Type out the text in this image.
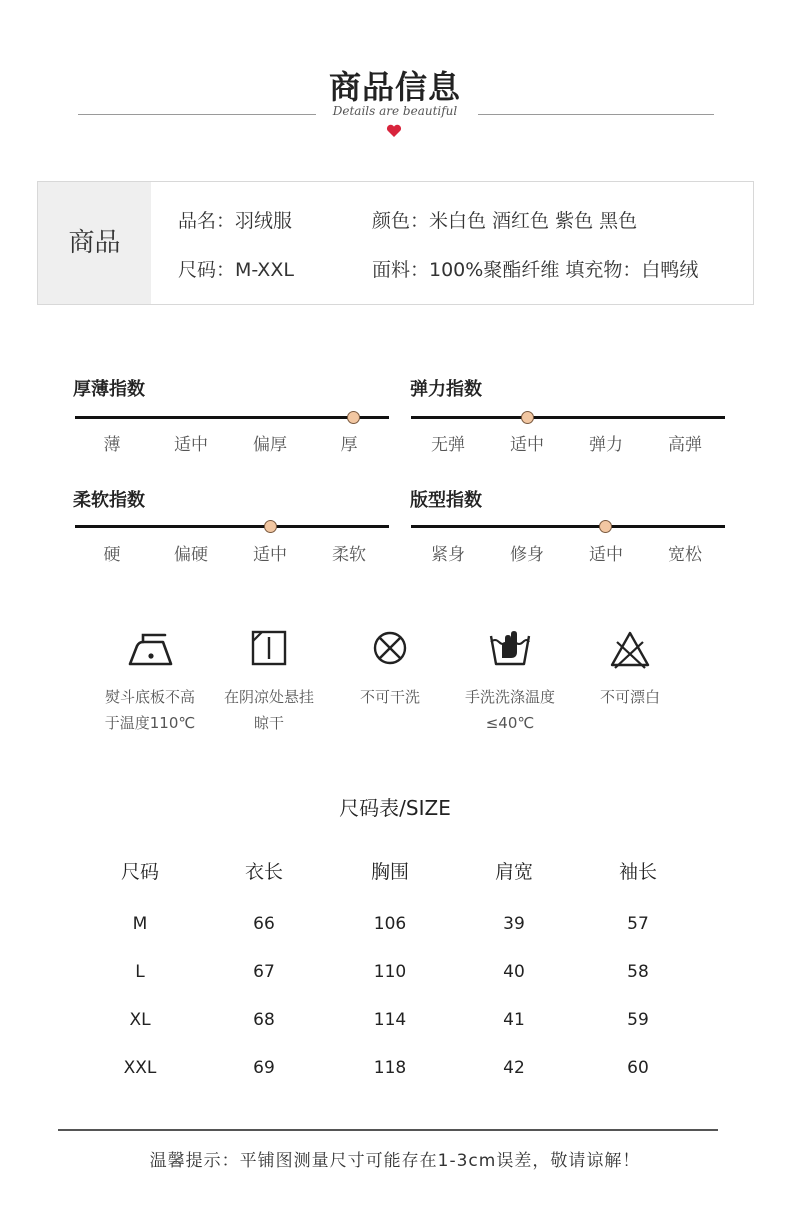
商品信息
Details are beautiful
商品
品名：羽绒服	颜色：米白色 酒红色 紫色 黑色
尺码：M-XXL	面料：100%聚酯纤维 填充物：白鸭绒
厚薄指数
薄	适中	偏厚	厚
弹力指数
无弹	适中	弹力	高弹
柔软指数
硬	偏硬	适中	柔软
版型指数
紧身	修身	适中	宽松
熨斗底板不高
于温度110℃
在阴凉处悬挂
晾干
不可干洗	手洗洗涤温度
≤40℃
不可漂白
尺码表/SIZE
尺码	衣长	胸围	肩宽	袖长
M	66	106	39	57
L	67	110	40	58
XL	68	114	41	59
XXL	69	118	42	60
温馨提示：平铺图测量尺寸可能存在1-3cm误差，敬请谅解！
